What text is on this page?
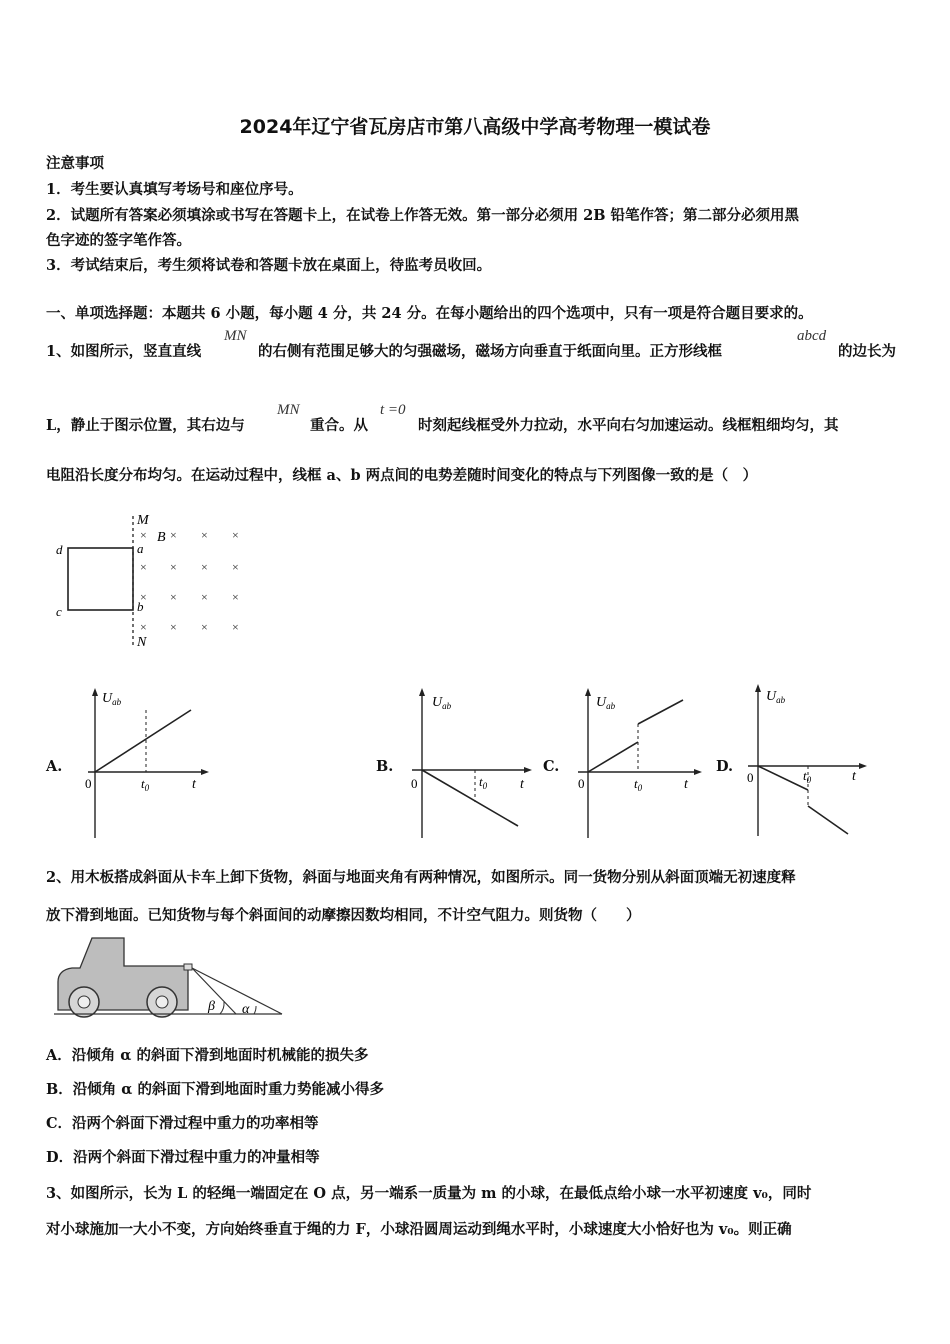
2024年辽宁省瓦房店市第八高级中学高考物理一模试卷
注意事项
1．考生要认真填写考场号和座位序号。
2．试题所有答案必须填涂或书写在答题卡上，在试卷上作答无效。第一部分必须用 2B 铅笔作答；第二部分必须用黑
色字迹的签字笔作答。
3．考试结束后，考生须将试卷和答题卡放在桌面上，待监考员收回。
一、单项选择题：本题共 6 小题，每小题 4 分，共 24 分。在每小题给出的四个选项中，只有一项是符合题目要求的。
1、如图所示，竖直直线
MN
的右侧有范围足够大的匀强磁场，磁场方向垂直于纸面向里。正方形线框
abcd
的边长为
L，静止于图示位置，其右边与
MN
重合。从
t =0
时刻起线框受外力拉动，水平向右匀加速运动。线框粗细均匀，其
电阻沿长度分布均匀。在运动过程中，线框 a、b 两点间的电势差随时间变化的特点与下列图像一致的是（　）
M
N
a
b
d
c
B
× × × ×
× × × ×
× × × ×
× × × ×
A.	B.	C.	D.
$U_{ab}$
0	$t_0$	t
$U_{ab}$
0	$t_0$ t
$U_{ab}$
0	$t_0$	t
$U_{ab}$
0	$t_0$	t
2、用木板搭成斜面从卡车上卸下货物，斜面与地面夹角有两种情况，如图所示。同一货物分别从斜面顶端无初速度释
放下滑到地面。已知货物与每个斜面间的动摩擦因数均相同，不计空气阻力。则货物（　　）
β α
A．沿倾角 α 的斜面下滑到地面时机械能的损失多
B．沿倾角 α 的斜面下滑到地面时重力势能减小得多
C．沿两个斜面下滑过程中重力的功率相等
D．沿两个斜面下滑过程中重力的冲量相等
3、如图所示，长为 L 的轻绳一端固定在 O 点，另一端系一质量为 m 的小球，在最低点给小球一水平初速度 v₀，同时
对小球施加一大小不变，方向始终垂直于绳的力 F，小球沿圆周运动到绳水平时，小球速度大小恰好也为 v₀。则正确
